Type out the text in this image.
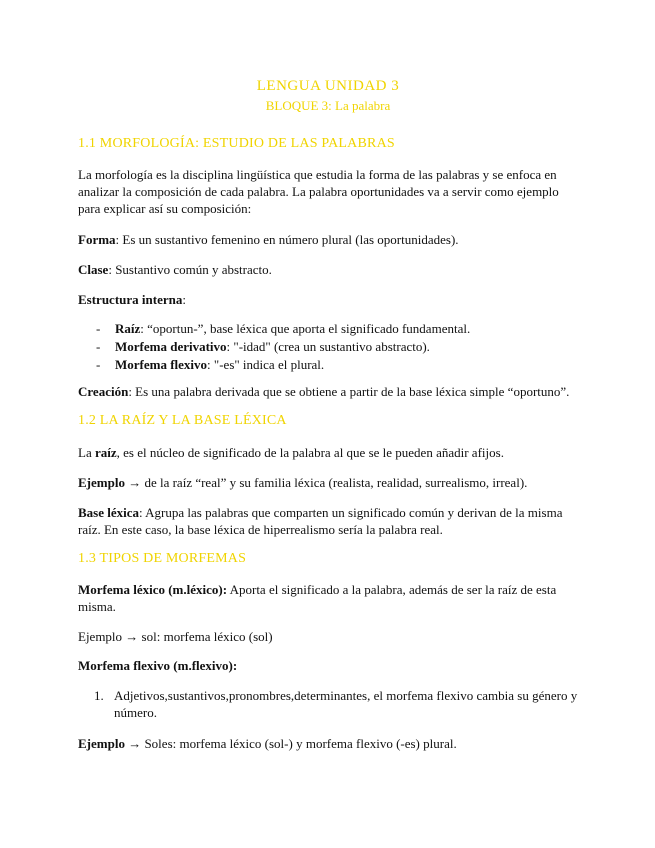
LENGUA UNIDAD 3
BLOQUE 3: La palabra
1.1 MORFOLOGÍA: ESTUDIO DE LAS PALABRAS
La morfología es la disciplina lingüística que estudia la forma de las palabras y se enfoca en analizar la composición de cada palabra. La palabra oportunidades va a servir como ejemplo para explicar así su composición:
Forma: Es un sustantivo femenino en número plural (las oportunidades).
Clase: Sustantivo común y abstracto.
Estructura interna:
- Raíz: “oportun-”, base léxica que aporta el significado fundamental.
- Morfema derivativo: "-idad" (crea un sustantivo abstracto).
- Morfema flexivo: "-es" indica el plural.
Creación: Es una palabra derivada que se obtiene a partir de la base léxica simple “oportuno”.
1.2 LA RAÍZ Y LA BASE LÉXICA
La raíz, es el núcleo de significado de la palabra al que se le pueden añadir afijos.
Ejemplo → de la raíz “real” y su familia léxica (realista, realidad, surrealismo, irreal).
Base léxica: Agrupa las palabras que comparten un significado común y derivan de la misma raíz. En este caso, la base léxica de hiperrealismo sería la palabra real.
1.3 TIPOS DE MORFEMAS
Morfema léxico (m.léxico): Aporta el significado a la palabra, además de ser la raíz de esta misma.
Ejemplo → sol: morfema léxico (sol)
Morfema flexivo (m.flexivo):
1. Adjetivos,sustantivos,pronombres,determinantes, el morfema flexivo cambia su género y número.
Ejemplo → Soles: morfema léxico (sol-) y morfema flexivo (-es) plural.
